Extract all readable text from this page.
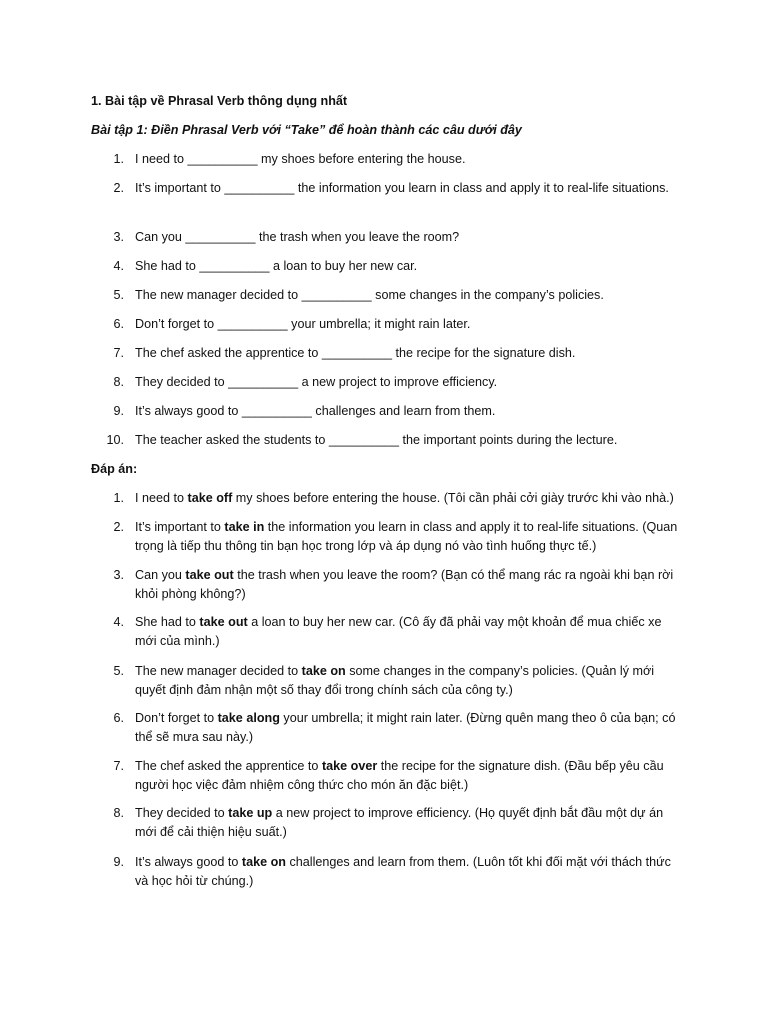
1. Bài tập về Phrasal Verb thông dụng nhất
Bài tập 1: Điền Phrasal Verb với “Take” để hoàn thành các câu dưới đây
1. I need to __________ my shoes before entering the house.
2. It’s important to __________ the information you learn in class and apply it to real-life situations.
3. Can you __________ the trash when you leave the room?
4. She had to __________ a loan to buy her new car.
5. The new manager decided to __________ some changes in the company’s policies.
6. Don’t forget to __________ your umbrella; it might rain later.
7. The chef asked the apprentice to __________ the recipe for the signature dish.
8. They decided to __________ a new project to improve efficiency.
9. It’s always good to __________ challenges and learn from them.
10. The teacher asked the students to __________ the important points during the lecture.
Đáp án:
1. I need to take off my shoes before entering the house. (Tôi cần phải cởi giày trước khi vào nhà.)
2. It’s important to take in the information you learn in class and apply it to real-life situations. (Quan trọng là tiếp thu thông tin bạn học trong lớp và áp dụng nó vào tình huống thực tế.)
3. Can you take out the trash when you leave the room? (Bạn có thể mang rác ra ngoài khi bạn rời khỏi phòng không?)
4. She had to take out a loan to buy her new car. (Cô ấy đã phải vay một khoản để mua chiếc xe mới của mình.)
5. The new manager decided to take on some changes in the company’s policies. (Quản lý mới quyết định đảm nhận một số thay đổi trong chính sách của công ty.)
6. Don’t forget to take along your umbrella; it might rain later. (Đừng quên mang theo ô của bạn; có thể sẽ mưa sau này.)
7. The chef asked the apprentice to take over the recipe for the signature dish. (Đầu bếp yêu cầu người học việc đảm nhiệm công thức cho món ăn đặc biệt.)
8. They decided to take up a new project to improve efficiency. (Họ quyết định bắt đầu một dự án mới để cải thiện hiệu suất.)
9. It’s always good to take on challenges and learn from them. (Luôn tốt khi đối mặt với thách thức và học hỏi từ chúng.)
